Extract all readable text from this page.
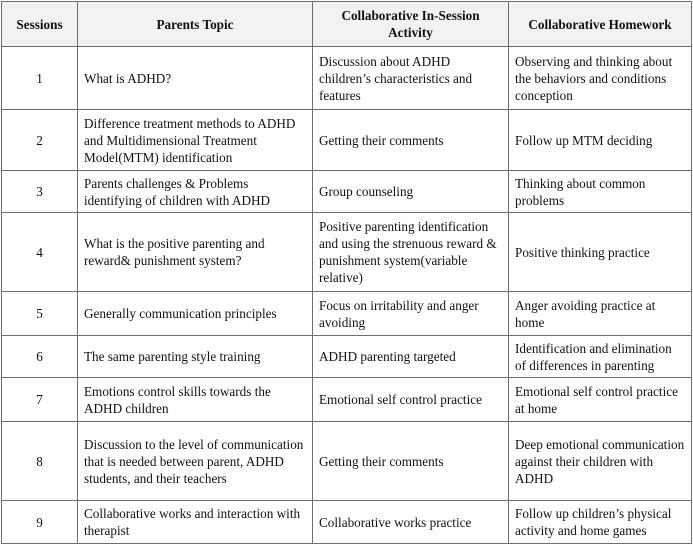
Sessions	Parents Topic	Collaborative In-Session Activity	Collaborative Homework
1	What is ADHD?	Discussion about ADHD children’s characteristics and features	Observing and thinking about the behaviors and conditions conception
2	Difference treatment methods to ADHD and Multidimensional Treatment Model(MTM) identification	Getting their comments	Follow up MTM deciding
3	Parents challenges & Problems identifying of children with ADHD	Group counseling	Thinking about common problems
4	What is the positive parenting and reward& punishment system?	Positive parenting identification and using the strenuous reward & punishment system(variable relative)	Positive thinking practice
5	Generally communication principles	Focus on irritability and anger avoiding	Anger avoiding practice at home
6	The same parenting style training	ADHD parenting targeted	Identification and elimination of differences in parenting
7	Emotions control skills towards the ADHD children	Emotional self control practice	Emotional self control practice at home
8	Discussion to the level of communication that is needed between parent, ADHD students, and their teachers	Getting their comments	Deep emotional communication against their children with ADHD
9	Collaborative works and interaction with therapist	Collaborative works practice	Follow up children’s physical activity and home games
